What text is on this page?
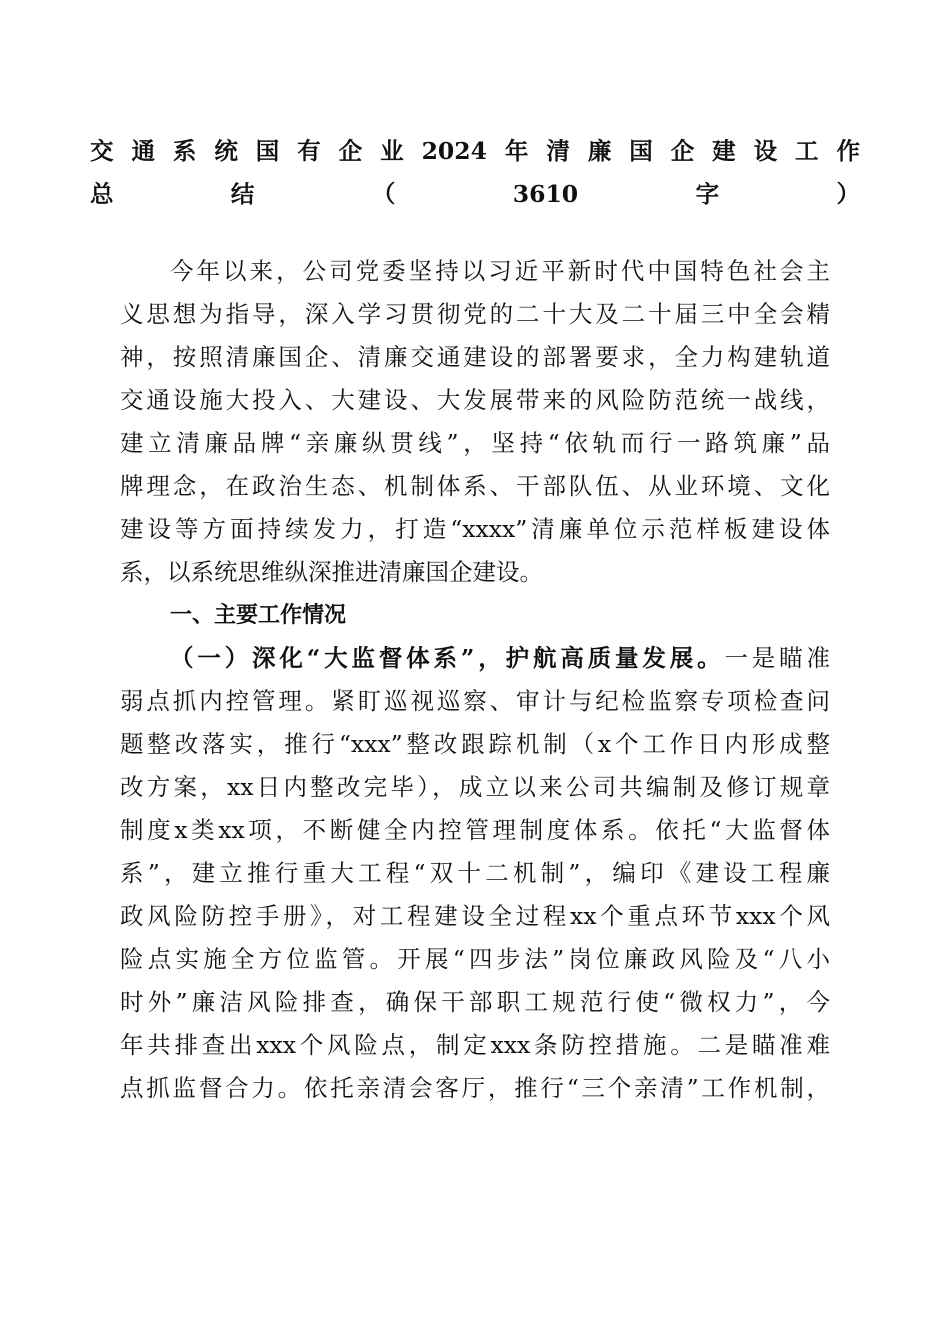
交通系统国有企业2024年清廉国企建设工作
总结（3610字）
今年以来，公司党委坚持以习近平新时代中国特色社会主
义思想为指导，深入学习贯彻党的二十大及二十届三中全会精
神，按照清廉国企、清廉交通建设的部署要求，全力构建轨道
交通设施大投入、大建设、大发展带来的风险防范统一战线，
建立清廉品牌“亲廉纵贯线”，坚持“依轨而行一路筑廉”品
牌理念，在政治生态、机制体系、干部队伍、从业环境、文化
建设等方面持续发力，打造“xxxx”清廉单位示范样板建设体
系，以系统思维纵深推进清廉国企建设。
一、主要工作情况
（一）深化“大监督体系”，护航高质量发展。一是瞄准
弱点抓内控管理。紧盯巡视巡察、审计与纪检监察专项检查问
题整改落实，推行“xxx”整改跟踪机制（x个工作日内形成整
改方案，xx日内整改完毕），成立以来公司共编制及修订规章
制度x类xx项，不断健全内控管理制度体系。依托“大监督体
系”，建立推行重大工程“双十二机制”，编印《建设工程廉
政风险防控手册》，对工程建设全过程xx个重点环节xxx个风
险点实施全方位监管。开展“四步法”岗位廉政风险及“八小
时外”廉洁风险排查，确保干部职工规范行使“微权力”，今
年共排查出xxx个风险点，制定xxx条防控措施。二是瞄准难
点抓监督合力。依托亲清会客厅，推行“三个亲清”工作机制，
